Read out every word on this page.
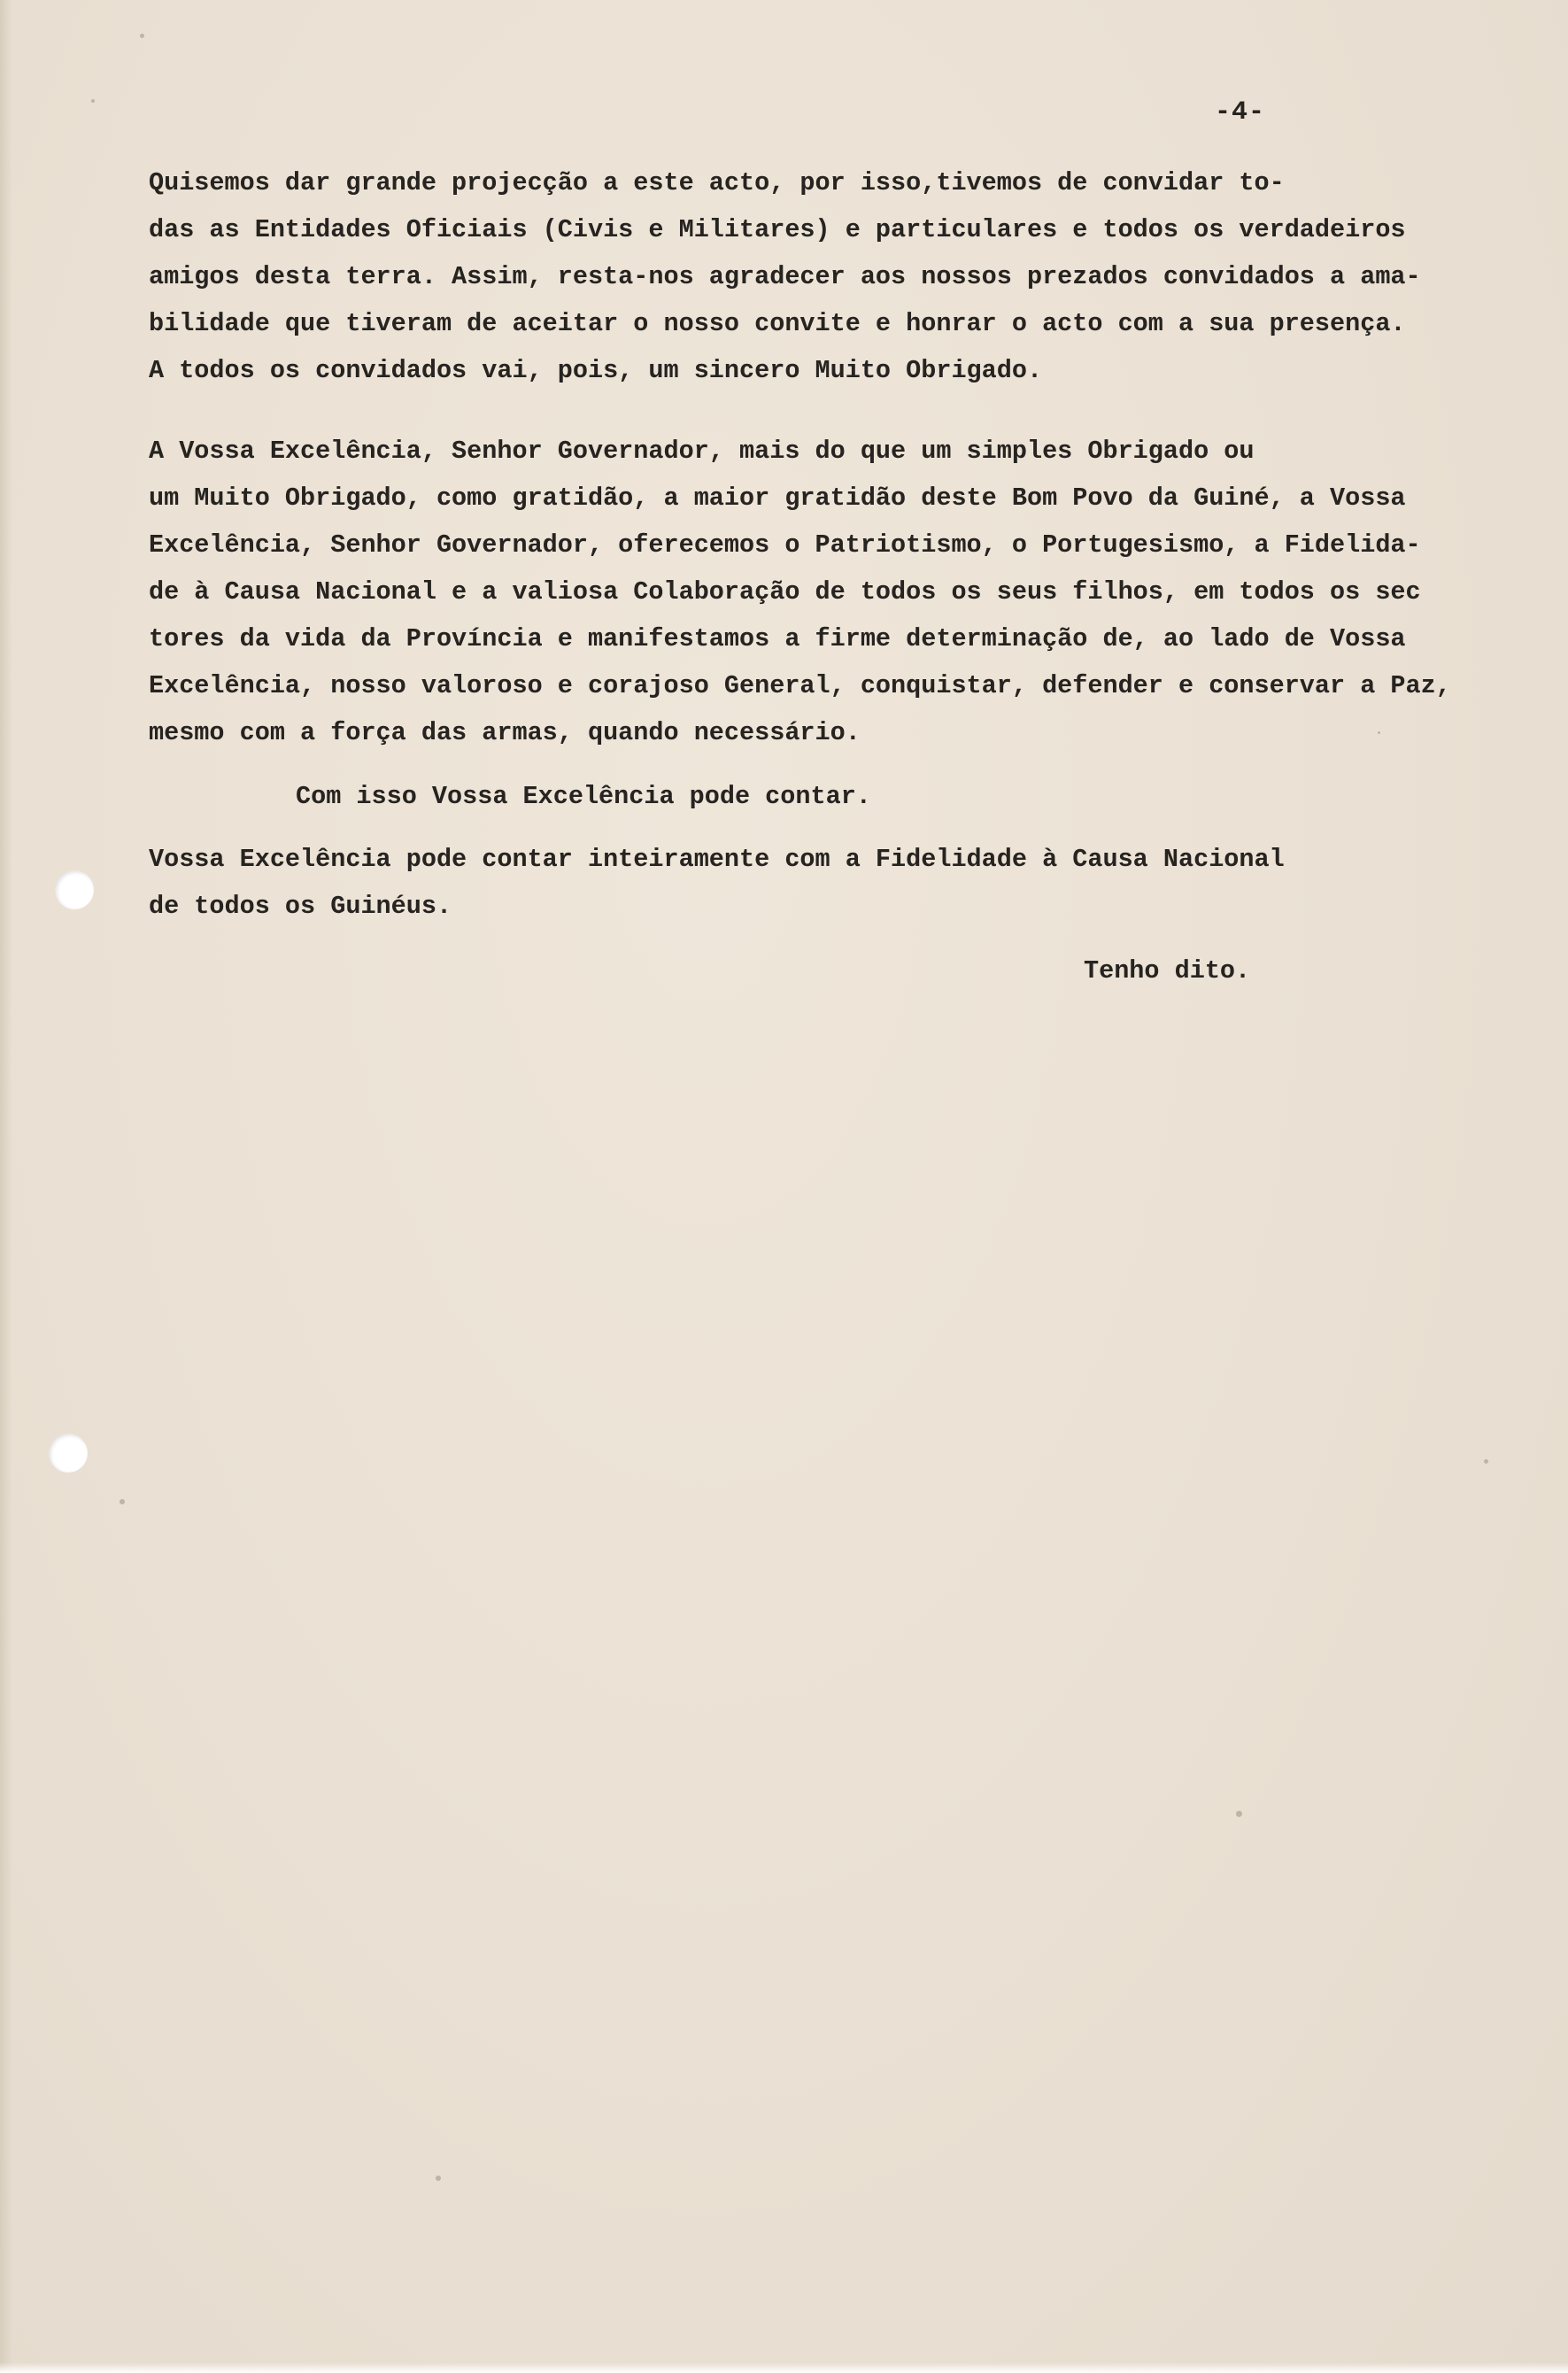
-4-

Quisemos dar grande projecção a este acto, por isso,tivemos de convidar to-
das as Entidades Oficiais (Civis e Militares) e particulares e todos os verdadeiros
amigos desta terra. Assim, resta-nos agradecer aos nossos prezados convidados a ama-
bilidade que tiveram de aceitar o nosso convite e honrar o acto com a sua presença.
A todos os convidados vai, pois, um sincero Muito Obrigado.

A Vossa Excelência, Senhor Governador, mais do que um simples Obrigado ou
um Muito Obrigado, como gratidão, a maior gratidão deste Bom Povo da Guiné, a Vossa
Excelência, Senhor Governador, oferecemos o Patriotismo, o Portugesismo, a Fidelida-
de à Causa Nacional e a valiosa Colaboração de todos os seus filhos, em todos os sec
tores da vida da Província e manifestamos a firme determinação de, ao lado de Vossa
Excelência, nosso valoroso e corajoso General, conquistar, defender e conservar a Paz,
mesmo com a força das armas, quando necessário.

Com isso Vossa Excelência pode contar.

Vossa Excelência pode contar inteiramente com a Fidelidade à Causa Nacional
de todos os Guinéus.

Tenho dito.
